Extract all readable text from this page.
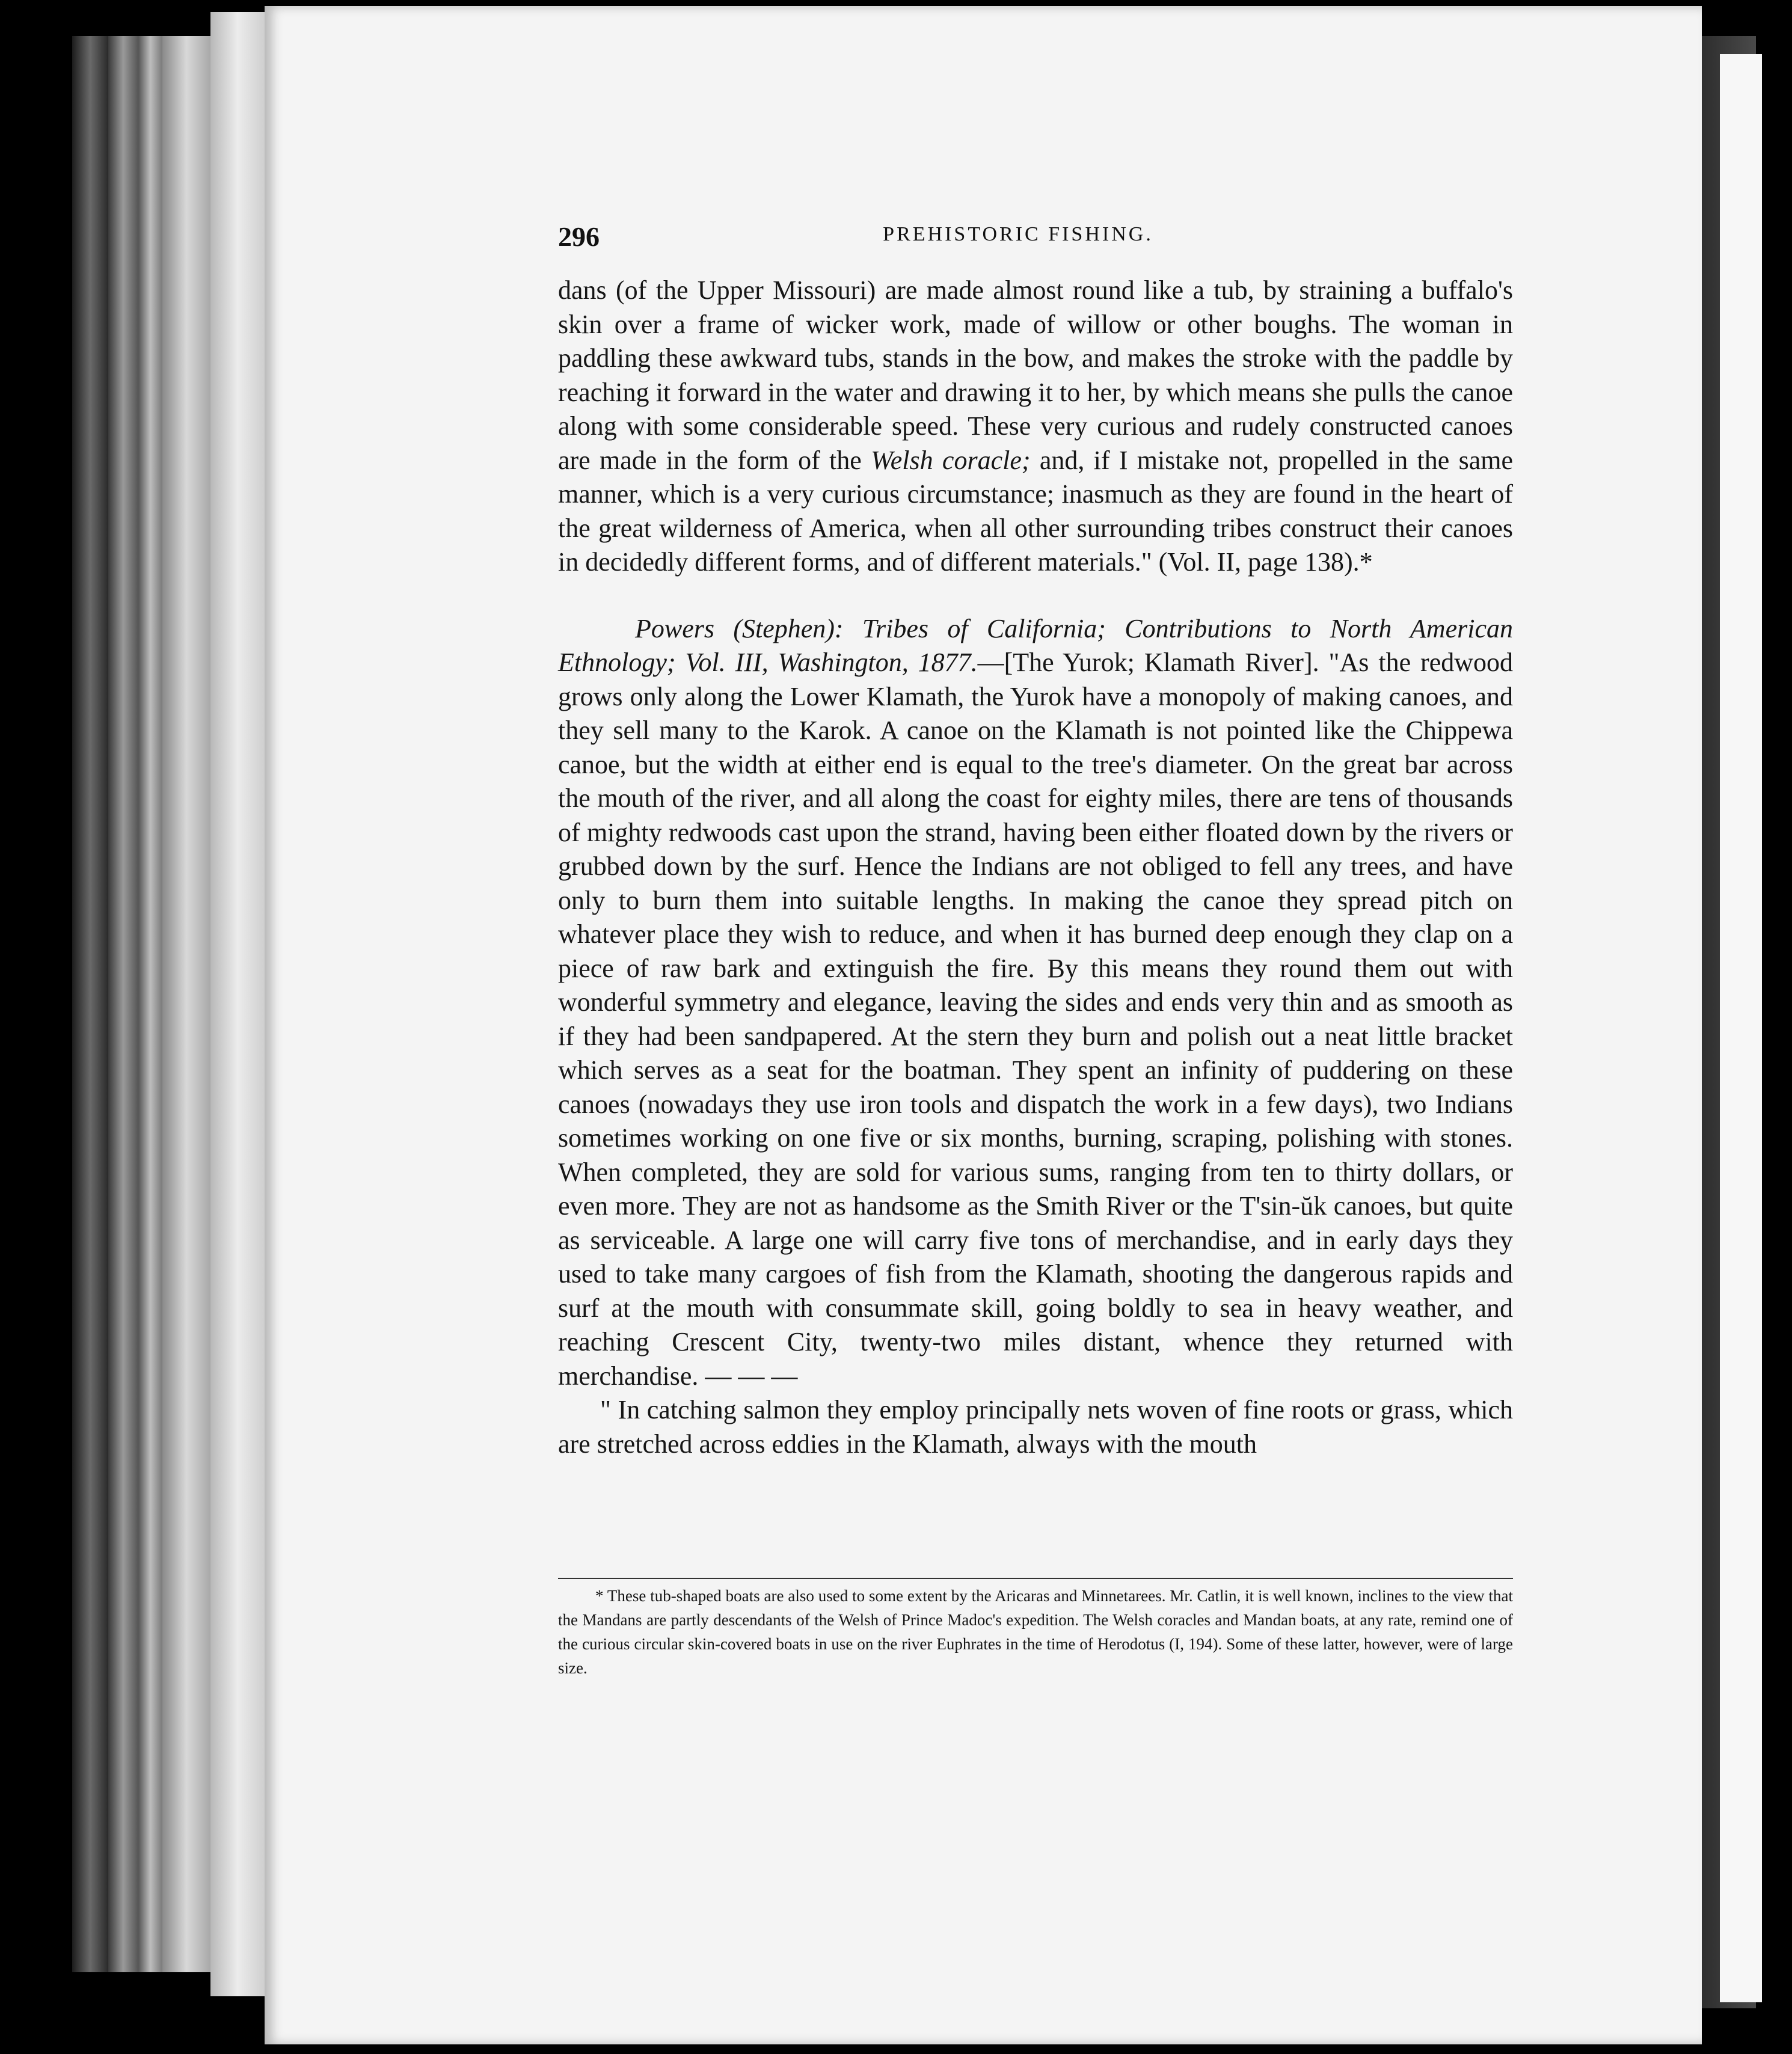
296	PREHISTORIC FISHING.

dans (of the Upper Missouri) are made almost round like a tub, by straining a buffalo's skin over a frame of wicker work, made of willow or other boughs. The woman in paddling these awkward tubs, stands in the bow, and makes the stroke with the paddle by reaching it forward in the water and drawing it to her, by which means she pulls the canoe along with some considerable speed. These very curious and rudely constructed canoes are made in the form of the Welsh coracle; and, if I mistake not, propelled in the same manner, which is a very curious circumstance; inasmuch as they are found in the heart of the great wilderness of America, when all other surrounding tribes construct their canoes in decidedly different forms, and of different materials." (Vol. II, page 138).*

Powers (Stephen): Tribes of California; Contributions to North American Ethnology; Vol. III, Washington, 1877.—[The Yurok; Klamath River]. "As the redwood grows only along the Lower Klamath, the Yurok have a monopoly of making canoes, and they sell many to the Karok. A canoe on the Klamath is not pointed like the Chippewa canoe, but the width at either end is equal to the tree's diameter. On the great bar across the mouth of the river, and all along the coast for eighty miles, there are tens of thousands of mighty redwoods cast upon the strand, having been either floated down by the rivers or grubbed down by the surf. Hence the Indians are not obliged to fell any trees, and have only to burn them into suitable lengths. In making the canoe they spread pitch on whatever place they wish to reduce, and when it has burned deep enough they clap on a piece of raw bark and extinguish the fire. By this means they round them out with wonderful symmetry and elegance, leaving the sides and ends very thin and as smooth as if they had been sandpapered. At the stern they burn and polish out a neat little bracket which serves as a seat for the boatman. They spent an infinity of puddering on these canoes (nowadays they use iron tools and dispatch the work in a few days), two Indians sometimes working on one five or six months, burning, scraping, polishing with stones. When completed, they are sold for various sums, ranging from ten to thirty dollars, or even more. They are not as handsome as the Smith River or the T'sin-ŭk canoes, but quite as serviceable. A large one will carry five tons of merchandise, and in early days they used to take many cargoes of fish from the Klamath, shooting the dangerous rapids and surf at the mouth with consummate skill, going boldly to sea in heavy weather, and reaching Crescent City, twenty-two miles distant, whence they returned with merchandise. — — —

" In catching salmon they employ principally nets woven of fine roots or grass, which are stretched across eddies in the Klamath, always with the mouth

* These tub-shaped boats are also used to some extent by the Aricaras and Minnetarees. Mr. Catlin, it is well known, inclines to the view that the Mandans are partly descendants of the Welsh of Prince Madoc's expedition. The Welsh coracles and Mandan boats, at any rate, remind one of the curious circular skin-covered boats in use on the river Euphrates in the time of Herodotus (I, 194). Some of these latter, however, were of large size.
